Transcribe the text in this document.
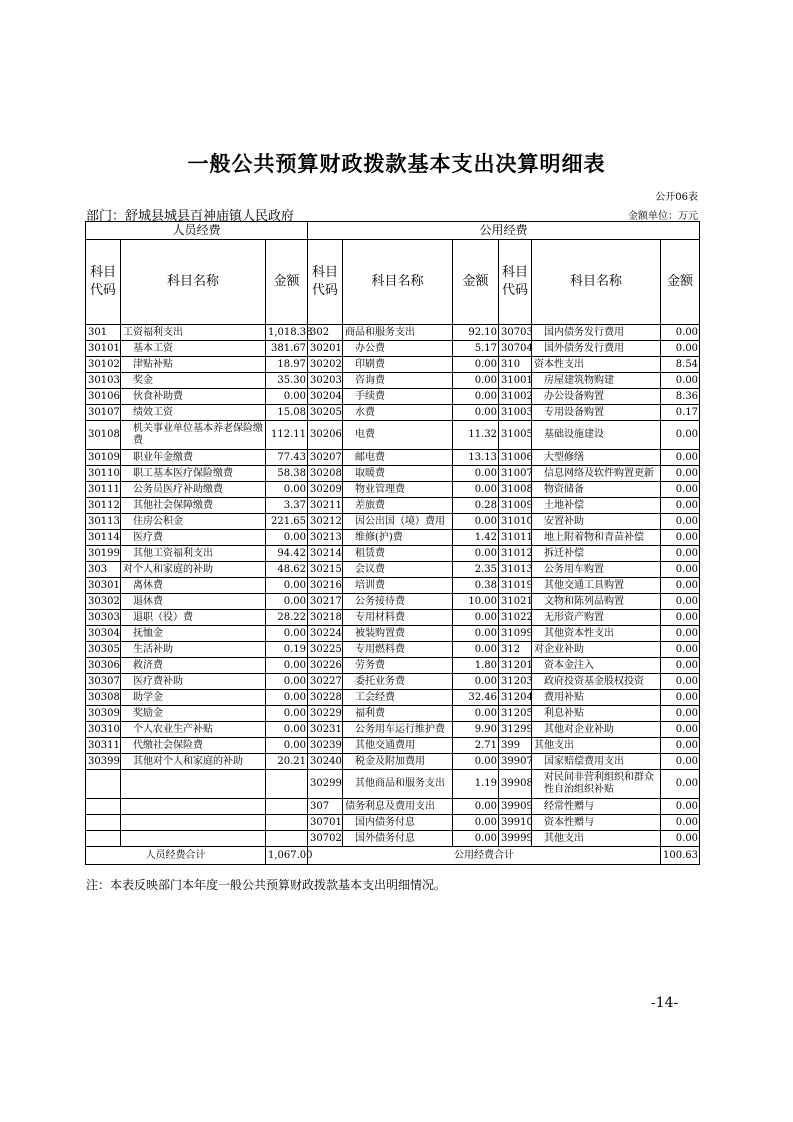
一般公共预算财政拨款基本支出决算明细表
公开06表
部门：舒城县城县百神庙镇人民政府	金额单位：万元
人员经费			公用经费					
科目代码	科目名称	金额	科目代码	科目名称	金额	科目代码	科目名称	金额
301	工资福利支出	1,018.38	302	商品和服务支出	92.10	30703	国内债务发行费用	0.00
30101	基本工资	381.67	30201	办公费	5.17	30704	国外债务发行费用	0.00
30102	津贴补贴	18.97	30202	印刷费	0.00	310	资本性支出	8.54
30103	奖金	35.30	30203	咨询费	0.00	31001	房屋建筑物购建	0.00
30106	伙食补助费	0.00	30204	手续费	0.00	31002	办公设备购置	8.36
30107	绩效工资	15.08	30205	水费	0.00	31003	专用设备购置	0.17
30108	机关事业单位基本养老保险缴费	112.11	30206	电费	11.32	31005	基础设施建设	0.00
30109	职业年金缴费	77.43	30207	邮电费	13.13	31006	大型修缮	0.00
30110	职工基本医疗保险缴费	58.38	30208	取暖费	0.00	31007	信息网络及软件购置更新	0.00
30111	公务员医疗补助缴费	0.00	30209	物业管理费	0.00	31008	物资储备	0.00
30112	其他社会保障缴费	3.37	30211	差旅费	0.28	31009	土地补偿	0.00
30113	住房公积金	221.65	30212	因公出国（境）费用	0.00	31010	安置补助	0.00
30114	医疗费	0.00	30213	维修(护)费	1.42	31011	地上附着物和青苗补偿	0.00
30199	其他工资福利支出	94.42	30214	租赁费	0.00	31012	拆迁补偿	0.00
303	对个人和家庭的补助	48.62	30215	会议费	2.35	31013	公务用车购置	0.00
30301	离休费	0.00	30216	培训费	0.38	31019	其他交通工具购置	0.00
30302	退休费	0.00	30217	公务接待费	10.00	31021	文物和陈列品购置	0.00
30303	退职（役）费	28.22	30218	专用材料费	0.00	31022	无形资产购置	0.00
30304	抚恤金	0.00	30224	被装购置费	0.00	31099	其他资本性支出	0.00
30305	生活补助	0.19	30225	专用燃料费	0.00	312	对企业补助	0.00
30306	救济费	0.00	30226	劳务费	1.80	31201	资本金注入	0.00
30307	医疗费补助	0.00	30227	委托业务费	0.00	31203	政府投资基金股权投资	0.00
30308	助学金	0.00	30228	工会经费	32.46	31204	费用补贴	0.00
30309	奖励金	0.00	30229	福利费	0.00	31205	利息补贴	0.00
30310	个人农业生产补贴	0.00	30231	公务用车运行维护费	9.90	31299	其他对企业补助	0.00
30311	代缴社会保险费	0.00	30239	其他交通费用	2.71	399	其他支出	0.00
30399	其他对个人和家庭的补助	20.21	30240	税金及附加费用	0.00	39907	国家赔偿费用支出	0.00
			30299	其他商品和服务支出	1.19	39908	对民间非营利组织和群众性自治组织补贴	0.00
			307	债务利息及费用支出	0.00	39909	经常性赠与	0.00
			30701	国内债务付息	0.00	39910	资本性赠与	0.00
			30702	国外债务付息	0.00	39999	其他支出	0.00
人员经费合计		1,067.00	公用经费合计					100.63
注：本表反映部门本年度一般公共预算财政拨款基本支出明细情况。
-14-
